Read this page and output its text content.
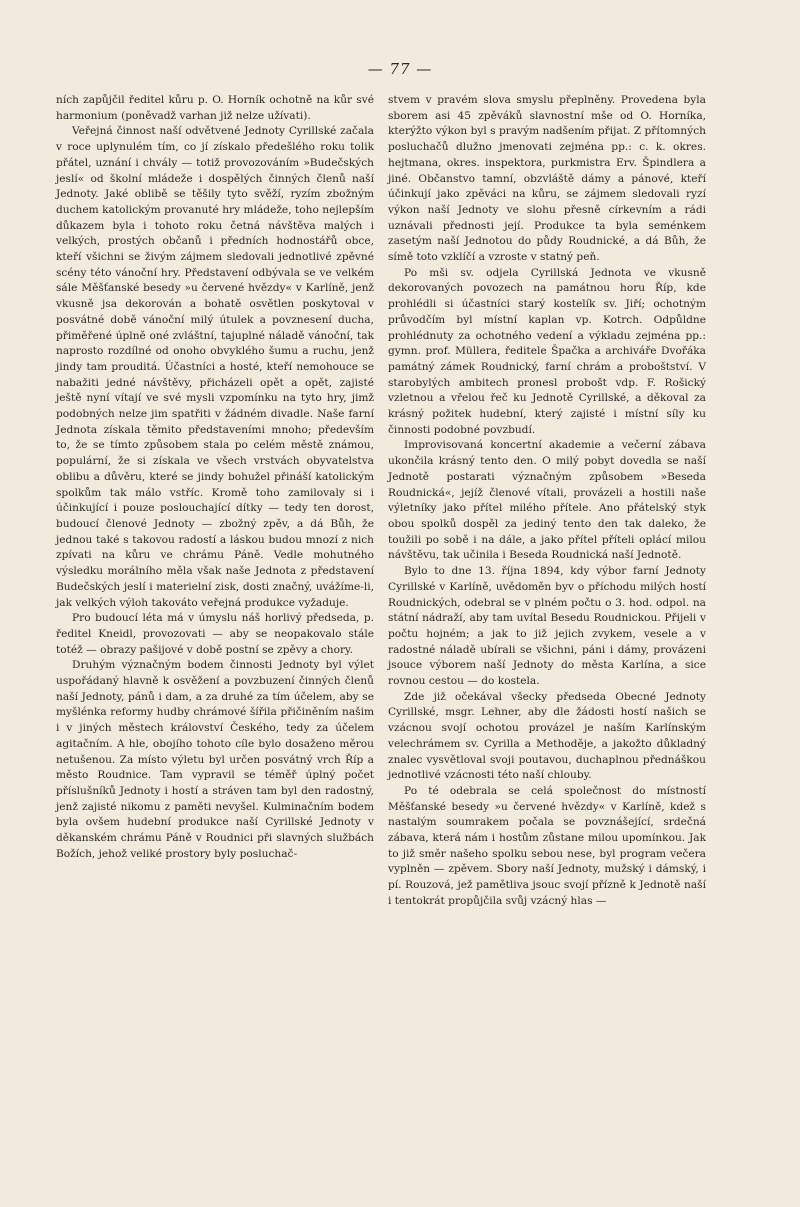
— 77 —

ních zapůjčil ředitel kůru p. O. Horník ochotně na kůr své harmonium (poněvadž varhan již nelze užívati).

Veřejná činnost naší odvětvené Jednoty Cyrillské začala v roce uplynulém tím, co jí získalo předešlého roku tolik přátel, uznání i chvály — totiž provozováním »Budečských jeslí« od školní mládeže i dospělých činných členů naší Jednoty. Jaké oblibě se těšily tyto svěží, ryzím zbožným duchem katolickým provanuté hry mládeže, toho nejlepším důkazem byla i tohoto roku četná návštěva malých i velkých, prostých občanů i předních hodnostářů obce, kteří všichni se živým zájmem sledovali jednotlivé zpěvné scény této vánoční hry. Představení odbývala se ve velkém sále Měšťanské besedy »u červené hvězdy« v Karlíně, jenž vkusně jsa dekorován a bohatě osvětlen poskytoval v posvátné době vánoční milý útulek a povznesení ducha, přiměřené úplně oné zvláštní, tajuplné náladě vánoční, tak naprosto rozdílné od onoho obvyklého šumu a ruchu, jenž jindy tam prouditá. Účastníci a hosté, kteří nemohouce se nabažiti jedné návštěvy, přicházeli opět a opět, zajisté ještě nyní vítají ve své mysli vzpomínku na tyto hry, jimž podobných nelze jim spatřiti v žádném divadle. Naše farní Jednota získala těmito představeními mnoho; především to, že se tímto způsobem stala po celém městě známou, populární, že si získala ve všech vrstvách obyvatelstva oblibu a důvěru, které se jindy bohužel přináší katolickým spolkům tak málo vstříc. Kromě toho zamilovaly si i účinkující i pouze poslouchající dítky — tedy ten dorost, budoucí členové Jednoty — zbožný zpěv, a dá Bůh, že jednou také s takovou radostí a láskou budou mnozí z nich zpívati na kůru ve chrámu Páně. Vedle mohutného výsledku morálního měla však naše Jednota z představení Budečských jeslí i materielní zisk, dosti značný, uvážíme-li, jak velkých výloh takováto veřejná produkce vyžaduje.

Pro budoucí léta má v úmyslu náš horlivý předseda, p. ředitel Kneidl, provozovati — aby se neopakovalo stále totéž — obrazy pašijové v době postní se zpěvy a chory.

Druhým význačným bodem činnosti Jednoty byl výlet uspořádaný hlavně k osvěžení a povzbuzení činných členů naší Jednoty, pánů i dam, a za druhé za tím účelem, aby se myšlénka reformy hudby chrámové šířila přičiněním našim i v jiných městech království Českého, tedy za účelem agitačním. A hle, obojího tohoto cíle bylo dosaženo měrou netušenou. Za místo výletu byl určen posvátný vrch Říp a město Roudnice. Tam vypravil se téměř úplný počet příslušníků Jednoty i hostí a stráven tam byl den radostný, jenž zajisté nikomu z paměti nevyšel. Kulminačním bodem byla ovšem hudební produkce naší Cyrillské Jednoty v děkanském chrámu Páně v Roudnici při slavných službách Božích, jehož veliké prostory byly posluchač-

stvem v pravém slova smyslu přeplněny. Provedena byla sborem asi 45 zpěváků slavnostní mše od O. Horníka, kterýžto výkon byl s pravým nadšením přijat. Z přítomných posluchačů dlužno jmenovati zejména pp.: c. k. okres. hejtmana, okres. inspektora, purkmistra Erv. Špindlera a jiné. Občanstvo tamní, obzvláště dámy a pánové, kteří účinkují jako zpěváci na kůru, se zájmem sledovali ryzí výkon naší Jednoty ve slohu přesně církevním a rádi uznávali přednosti její. Produkce ta byla seménkem zasetým naší Jednotou do půdy Roudnické, a dá Bůh, že símě toto vzklíčí a vzroste v statný peň.

Po mši sv. odjela Cyrillská Jednota ve vkusně dekorovaných povozech na památnou horu Říp, kde prohlédli si účastníci starý kostelík sv. Jiří; ochotným průvodčím byl místní kaplan vp. Kotrch. Odpůldne prohlédnuty za ochotného vedení a výkladu zejména pp.: gymn. prof. Müllera, ředitele Špačka a archiváře Dvořáka památný zámek Roudnický, farní chrám a proboštství. V starobylých ambitech pronesl probošt vdp. F. Rošický vzletnou a vřelou řeč ku Jednotě Cyrillské, a děkoval za krásný požitek hudební, který zajisté i místní síly ku činnosti podobné povzbudí.

Improvisovaná koncertní akademie a večerní zábava ukončila krásný tento den. O milý pobyt dovedla se naší Jednotě postarati význačným způsobem »Beseda Roudnická«, jejíž členové vítali, provázeli a hostili naše výletníky jako přítel milého přítele. Ano přátelský styk obou spolků dospěl za jediný tento den tak daleko, že toužili po sobě i na dále, a jako přítel příteli oplácí milou návštěvu, tak učinila i Beseda Roudnická naší Jednotě.

Bylo to dne 13. října 1894, kdy výbor farní Jednoty Cyrillské v Karlíně, uvědoměn byv o příchodu milých hostí Roudnických, odebral se v plném počtu o 3. hod. odpol. na státní nádraží, aby tam uvítal Besedu Roudnickou. Přijeli v počtu hojném; a jak to již jejich zvykem, vesele a v radostné náladě ubírali se všichni, páni i dámy, provázeni jsouce výborem naší Jednoty do města Karlína, a sice rovnou cestou — do kostela.

Zde již očekával všecky předseda Obecné Jednoty Cyrillské, msgr. Lehner, aby dle žádosti hostí našich se vzácnou svojí ochotou provázel je naším Karlínským velechrámem sv. Cyrilla a Methoděje, a jakožto důkladný znalec vysvětloval svoji poutavou, duchaplnou přednáškou jednotlivé vzácnosti této naší chlouby.

Po té odebrala se celá společnost do místností Měšťanské besedy »u červené hvězdy« v Karlíně, kdež s nastalým soumrakem počala se povznášející, srdečná zábava, která nám i hostům zůstane milou upomínkou. Jak to již směr našeho spolku sebou nese, byl program večera vyplněn — zpěvem. Sbory naší Jednoty, mužský i dámský, i pí. Rouzová, jež pamětliva jsouc svojí přízně k Jednotě naší i tentokrát propůjčila svůj vzácný hlas —
